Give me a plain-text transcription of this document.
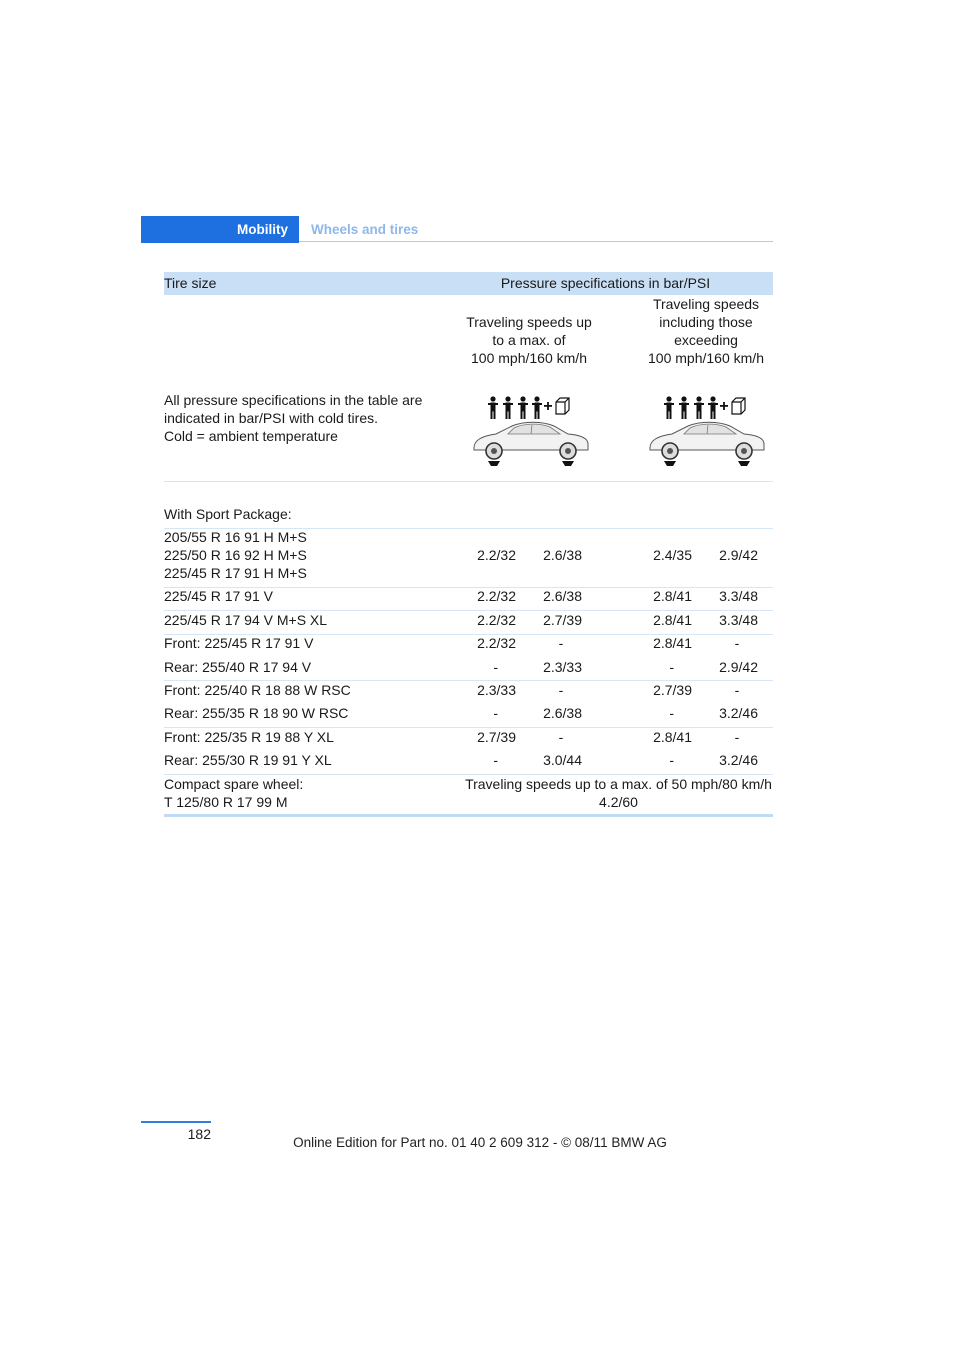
Mobility Wheels and tires
Tire size	Pressure specifications in bar/PSI
Traveling speeds up
to a max. of
100 mph/160 km/h
Traveling speeds
including those
exceeding
100 mph/160 km/h
All pressure specifications in the table are
indicated in bar/PSI with cold tires.
Cold = ambient temperature
With Sport Package:
205/55 R 16 91 H M+S
225/50 R 16 92 H M+S
225/45 R 17 91 H M+S
2.2/32	2.6/38	2.4/35	2.9/42
225/45 R 17 91 V	2.2/32	2.6/38	2.8/41	3.3/48
225/45 R 17 94 V M+S XL	2.2/32	2.7/39	2.8/41	3.3/48
Front: 225/45 R 17 91 V	2.2/32	-	2.8/41	-
Rear: 255/40 R 17 94 V	-	2.3/33	-	2.9/42
Front: 225/40 R 18 88 W RSC	2.3/33	-	2.7/39	-
Rear: 255/35 R 18 90 W RSC	-	2.6/38	-	3.2/46
Front: 225/35 R 19 88 Y XL	2.7/39	-	2.8/41	-
Rear: 255/30 R 19 91 Y XL	-	3.0/44	-	3.2/46
Compact spare wheel:
T 125/80 R 17 99 M
Traveling speeds up to a max. of 50 mph/80 km/h
4.2/60
182
Online Edition for Part no. 01 40 2 609 312 - © 08/11 BMW AG
